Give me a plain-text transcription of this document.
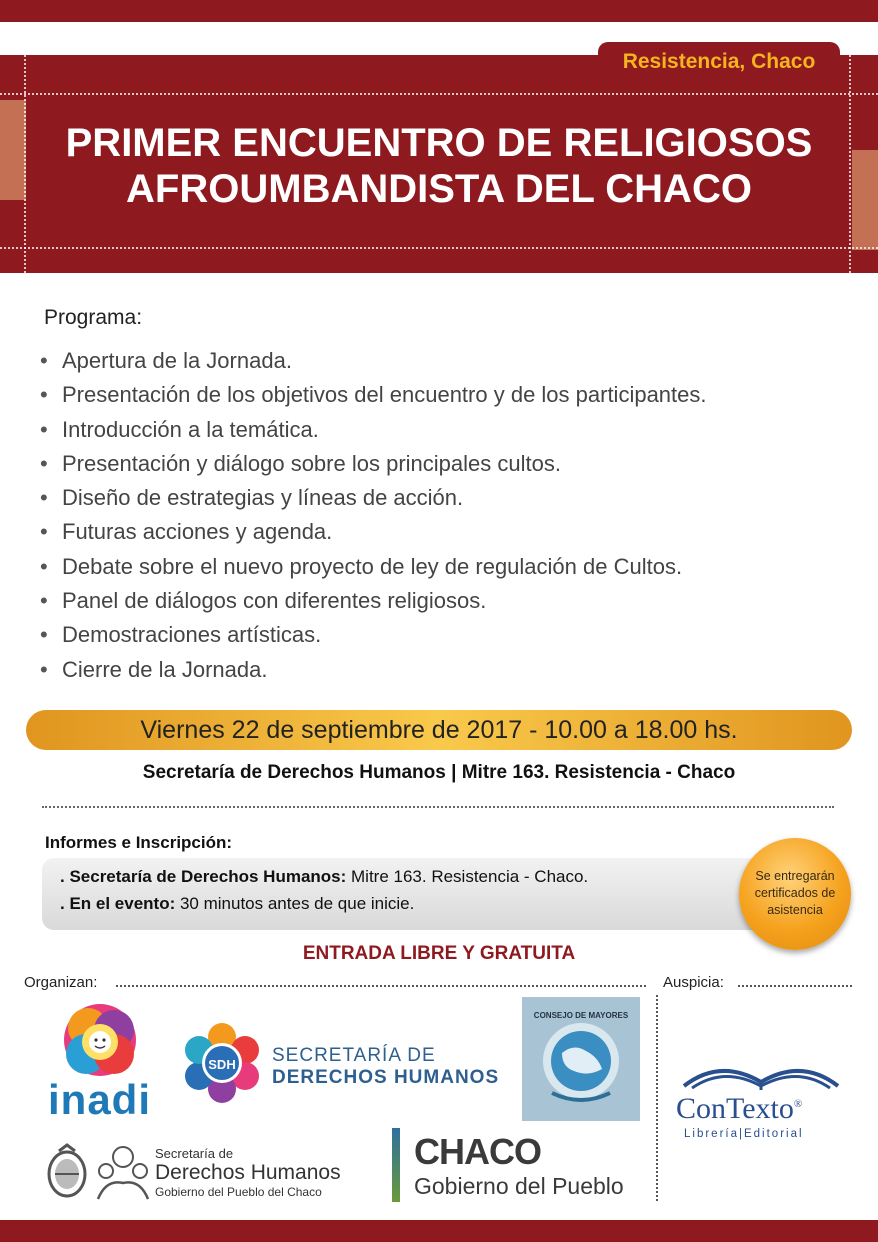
PRIMER ENCUENTRO DE RELIGIOSOS
AFROUMBANDISTA DEL CHACO
Resistencia, Chaco
Programa:
• Apertura de la Jornada.
• Presentación de los objetivos del encuentro y de los participantes.
• Introducción a la temática.
• Presentación y diálogo sobre los principales cultos.
• Diseño de estrategias y líneas de acción.
• Futuras acciones y agenda.
• Debate sobre el nuevo proyecto de ley de regulación de Cultos.
• Panel de diálogos con diferentes religiosos.
• Demostraciones artísticas.
• Cierre de la Jornada.
Viernes 22 de septiembre de 2017 - 10.00 a 18.00 hs.
Secretaría de Derechos Humanos | Mitre 163. Resistencia - Chaco
Informes e Inscripción:
. Secretaría de Derechos Humanos: Mitre 163. Resistencia - Chaco.
. En el evento: 30 minutos antes de que inicie.
Se entregarán
certificados de
asistencia
ENTRADA LIBRE Y GRATUITA
Organizan:	Auspicia:
inadi
SDH	SECRETARÍA DE
DERECHOS HUMANOS
CONSEJO DE MAYORES
ConTexto®
Librería|Editorial
Secretaría de
Derechos Humanos
Gobierno del Pueblo del Chaco
CHACO
Gobierno del Pueblo
